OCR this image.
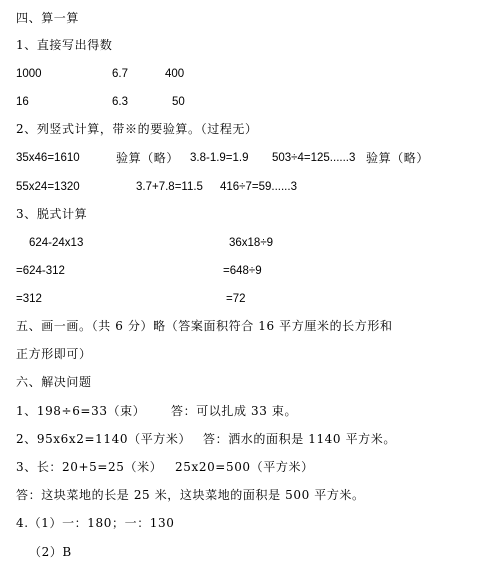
四、算一算
1、直接写出得数
1000	6.7	400
16	6.3	50
2、列竖式计算，带※的要验算。（过程无）
35x46=1610	验算（略） 3.8-1.9=1.9 503÷4=125......3 验算（略）
55x24=1320	3.7+7.8=11.5 416÷7=59......3
3、脱式计算
624-24x13	36x18÷9
=624-312	=648÷9
=312	=72
五、画一画。（共 6 分）略（答案面积符合 16 平方厘米的长方形和
正方形即可）
六、解决问题
1、198÷6=33（束） 答：可以扎成 33 束。
2、95x6x2=1140（平方米） 答：洒水的面积是 1140 平方米。
3、长：20+5=25（米） 25x20=500（平方米）
答：这块菜地的长是 25 米，这块菜地的面积是 500 平方米。
4.（1）一：180；一：130
（2）B
